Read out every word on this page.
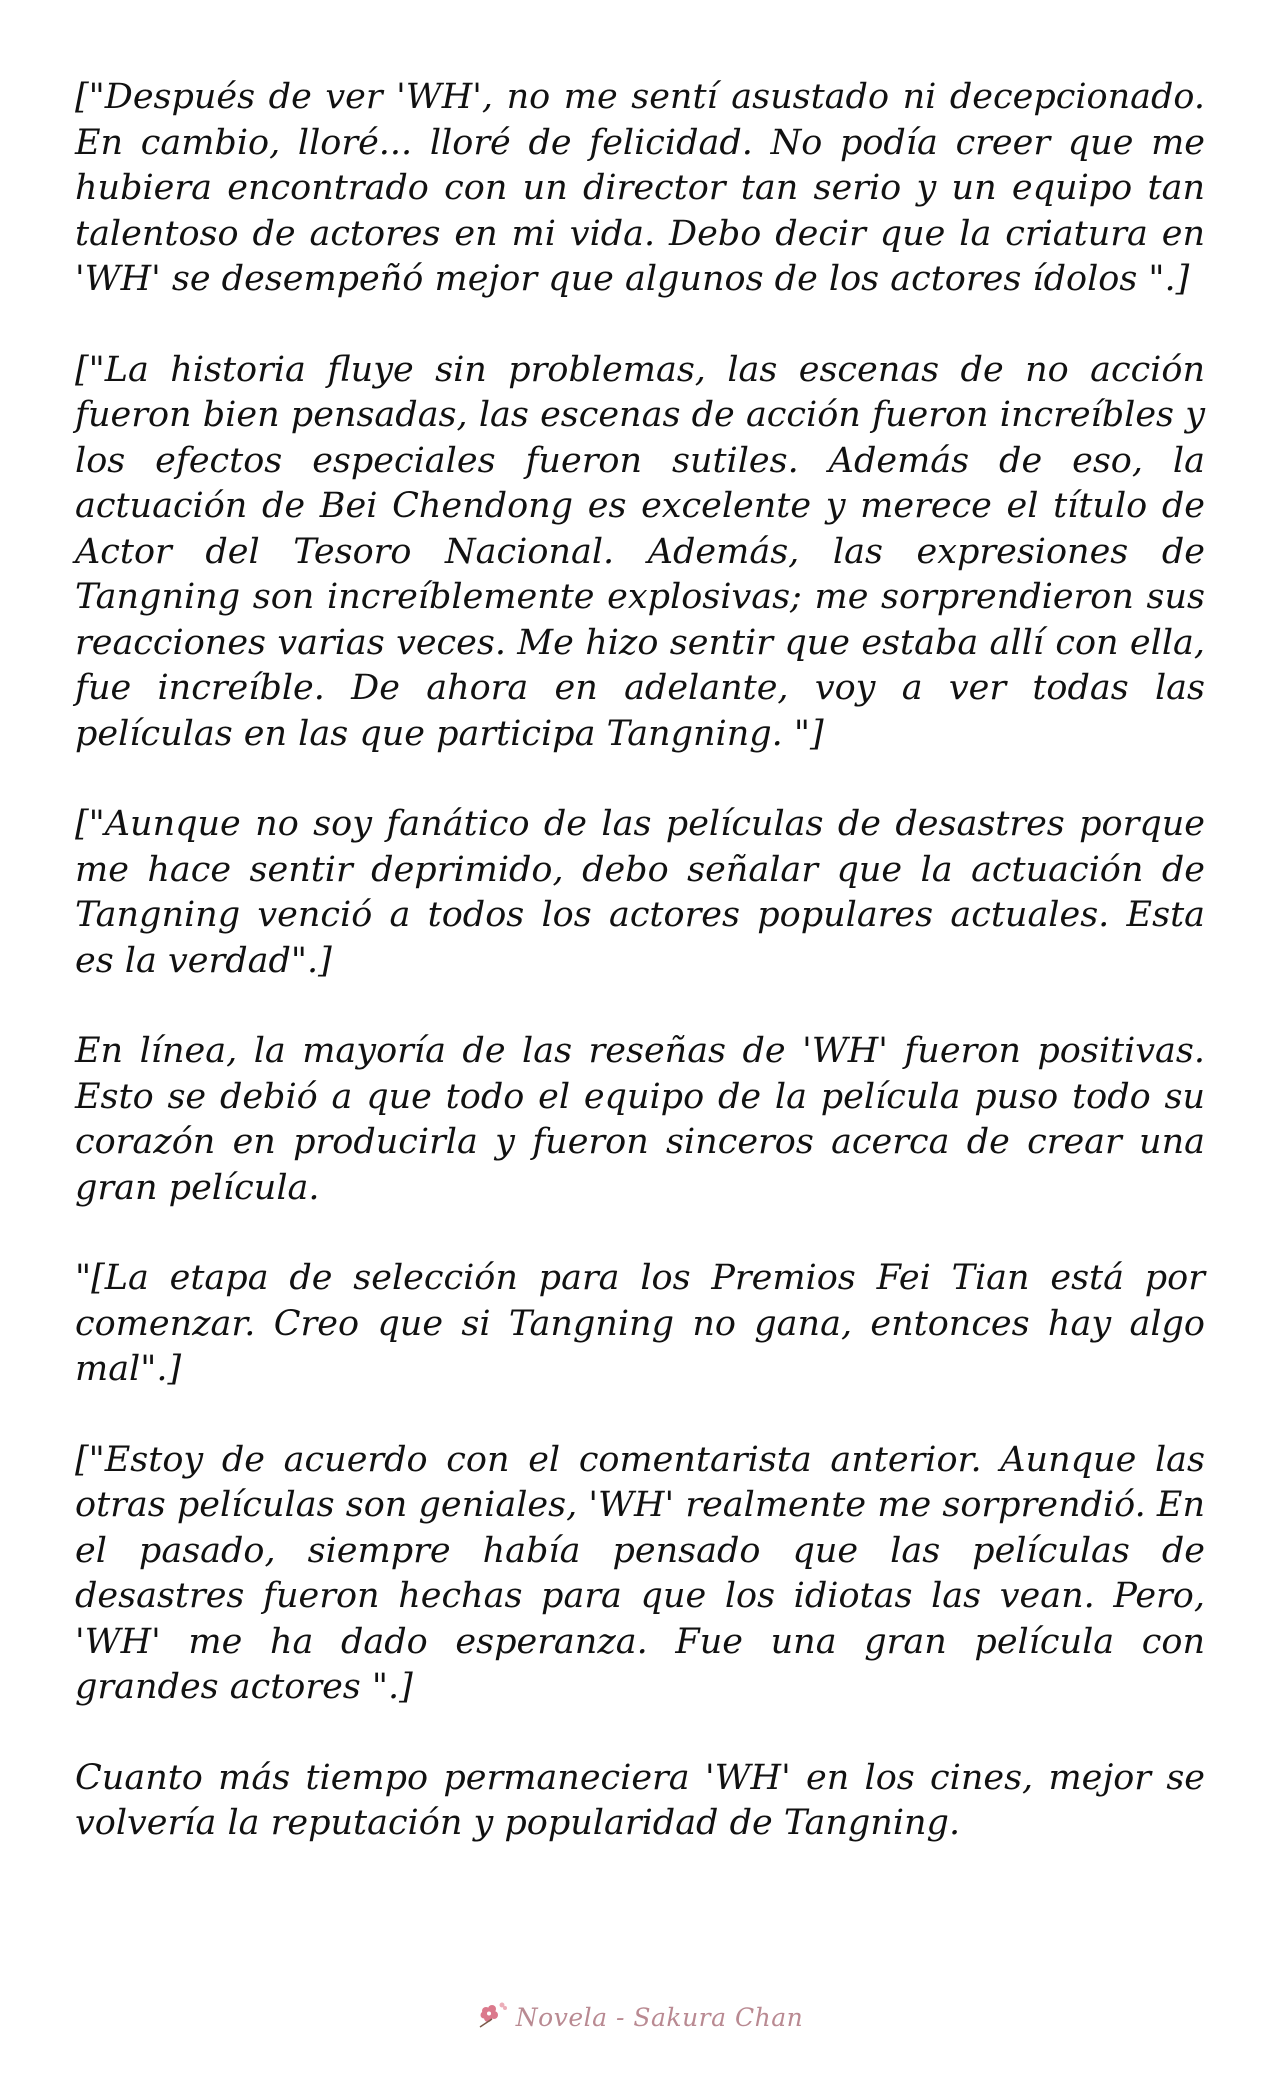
["Después de ver 'WH', no me sentí asustado ni decepcionado. En cambio, lloré... lloré de felicidad. No podía creer que me hubiera encontrado con un director tan serio y un equipo tan talentoso de actores en mi vida. Debo decir que la criatura en 'WH' se desempeñó mejor que algunos de los actores ídolos ".]

["La historia fluye sin problemas, las escenas de no acción fueron bien pensadas, las escenas de acción fueron increíbles y los efectos especiales fueron sutiles. Además de eso, la actuación de Bei Chendong es excelente y merece el título de Actor del Tesoro Nacional. Además, las expresiones de Tangning son increíblemente explosivas; me sorprendieron sus reacciones varias veces. Me hizo sentir que estaba allí con ella, fue increíble. De ahora en adelante, voy a ver todas las películas en las que participa Tangning. "]

["Aunque no soy fanático de las películas de desastres porque me hace sentir deprimido, debo señalar que la actuación de Tangning venció a todos los actores populares actuales. Esta es la verdad".]

En línea, la mayoría de las reseñas de 'WH' fueron positivas. Esto se debió a que todo el equipo de la película puso todo su corazón en producirla y fueron sinceros acerca de crear una gran película.

"[La etapa de selección para los Premios Fei Tian está por comenzar. Creo que si Tangning no gana, entonces hay algo mal".]

["Estoy de acuerdo con el comentarista anterior. Aunque las otras películas son geniales, 'WH' realmente me sorprendió. En el pasado, siempre había pensado que las películas de desastres fueron hechas para que los idiotas las vean. Pero, 'WH' me ha dado esperanza. Fue una gran película con grandes actores ".]

Cuanto más tiempo permaneciera 'WH' en los cines, mejor se volvería la reputación y popularidad de Tangning.

Novela - Sakura Chan
